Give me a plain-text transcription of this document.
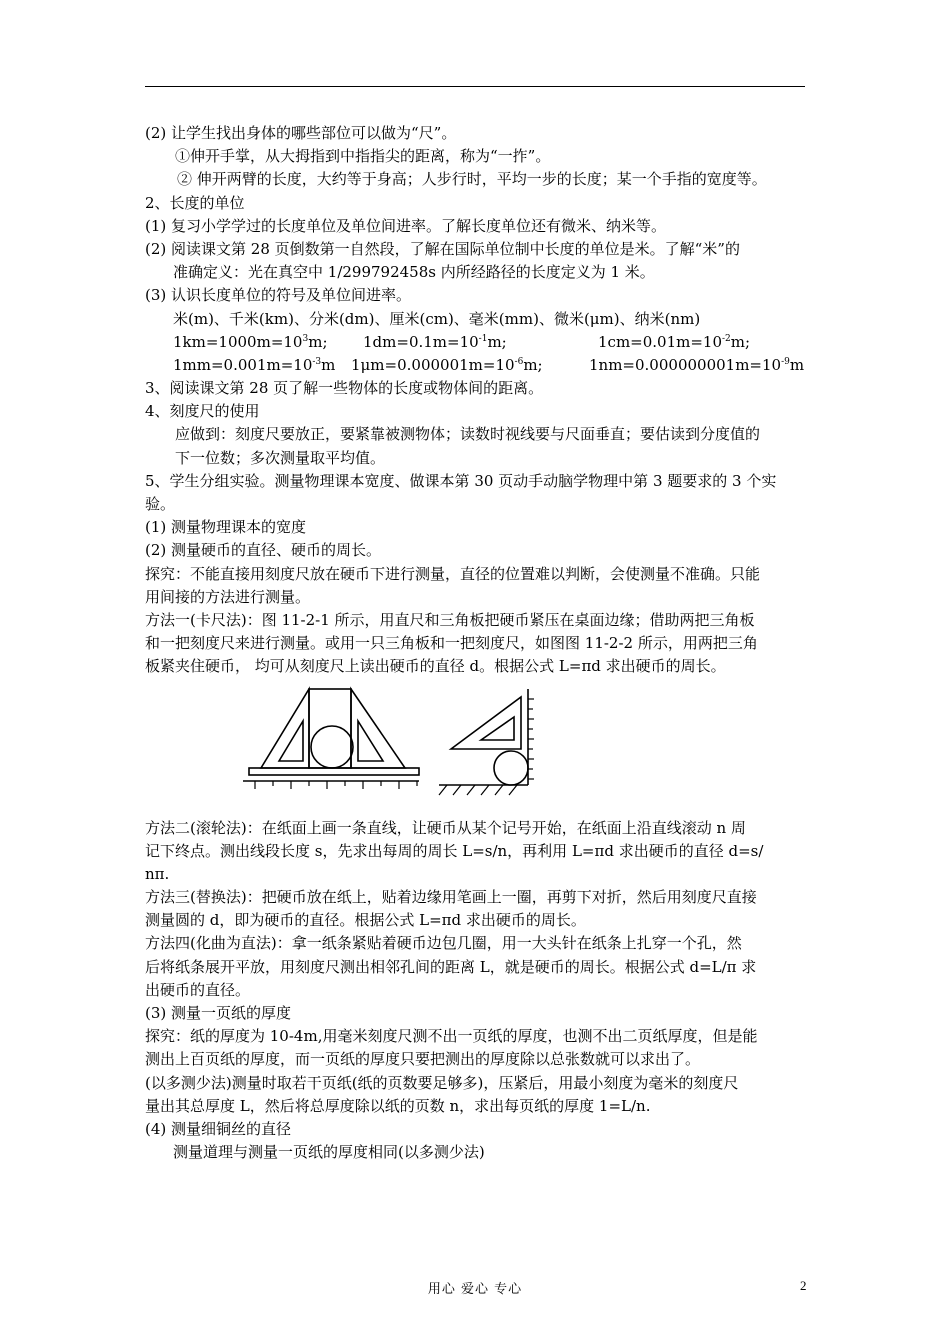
(2) 让学生找出身体的哪些部位可以做为“尺”。
①伸开手掌，从大拇指到中指指尖的距离，称为“一拃”。
② 伸开两臂的长度，大约等于身高；人步行时，平均一步的长度；某一个手指的宽度等。
2、长度的单位
(1) 复习小学学过的长度单位及单位间进率。了解长度单位还有微米、纳米等。
(2) 阅读课文第 28 页倒数第一自然段，了解在国际单位制中长度的单位是米。了解“米”的
准确定义：光在真空中 1/299792458s 内所经路径的长度定义为 1 米。
(3) 认识长度单位的符号及单位间进率。
米(m)、千米(km)、分米(dm)、厘米(cm)、毫米(mm)、微米(μm)、纳米(nm)
$1km=1000m=10^3m$;	$1dm=0.1m=10^{-1}m$;	$1cm=0.01m=10^{-2}m$;
$1mm=0.001m=10^{-3}m$	$1\mu m=0.000001m=10^{-6}m$;	$1nm=0.000000001m=10^{-9}m$
3、阅读课文第 28 页了解一些物体的长度或物体间的距离。
4、刻度尺的使用
应做到：刻度尺要放正，要紧靠被测物体；读数时视线要与尺面垂直；要估读到分度值的
下一位数；多次测量取平均值。
5、学生分组实验。测量物理课本宽度、做课本第 30 页动手动脑学物理中第 3 题要求的 3 个实
验。
(1) 测量物理课本的宽度
(2) 测量硬币的直径、硬币的周长。
探究：不能直接用刻度尺放在硬币下进行测量，直径的位置难以判断，会使测量不准确。只能
用间接的方法进行测量。
方法一(卡尺法)：图 11-2-1 所示，用直尺和三角板把硬币紧压在桌面边缘；借助两把三角板
和一把刻度尺来进行测量。或用一只三角板和一把刻度尺，如图图 11-2-2 所示，用两把三角
板紧夹住硬币， 均可从刻度尺上读出硬币的直径 d。根据公式 L=πd 求出硬币的周长。
方法二(滚轮法)：在纸面上画一条直线，让硬币从某个记号开始，在纸面上沿直线滚动 n 周
记下终点。测出线段长度 s，先求出每周的周长 L=s/n，再利用 L=πd 求出硬币的直径 d=s/
nπ.
方法三(替换法)：把硬币放在纸上，贴着边缘用笔画上一圈，再剪下对折，然后用刻度尺直接
测量圆的 d，即为硬币的直径。根据公式 L=πd 求出硬币的周长。
方法四(化曲为直法)：拿一纸条紧贴着硬币边包几圈，用一大头针在纸条上扎穿一个孔，然
后将纸条展开平放，用刻度尺测出相邻孔间的距离 L，就是硬币的周长。根据公式 d=L/π 求
出硬币的直径。
(3) 测量一页纸的厚度
探究：纸的厚度为 10-4m,用毫米刻度尺测不出一页纸的厚度，也测不出二页纸厚度，但是能
测出上百页纸的厚度，而一页纸的厚度只要把测出的厚度除以总张数就可以求出了。
(以多测少法)测量时取若干页纸(纸的页数要足够多)，压紧后，用最小刻度为毫米的刻度尺
量出其总厚度 L，然后将总厚度除以纸的页数 n，求出每页纸的厚度 1=L/n.
(4) 测量细铜丝的直径
测量道理与测量一页纸的厚度相同(以多测少法)
用心 爱心 专心	2
